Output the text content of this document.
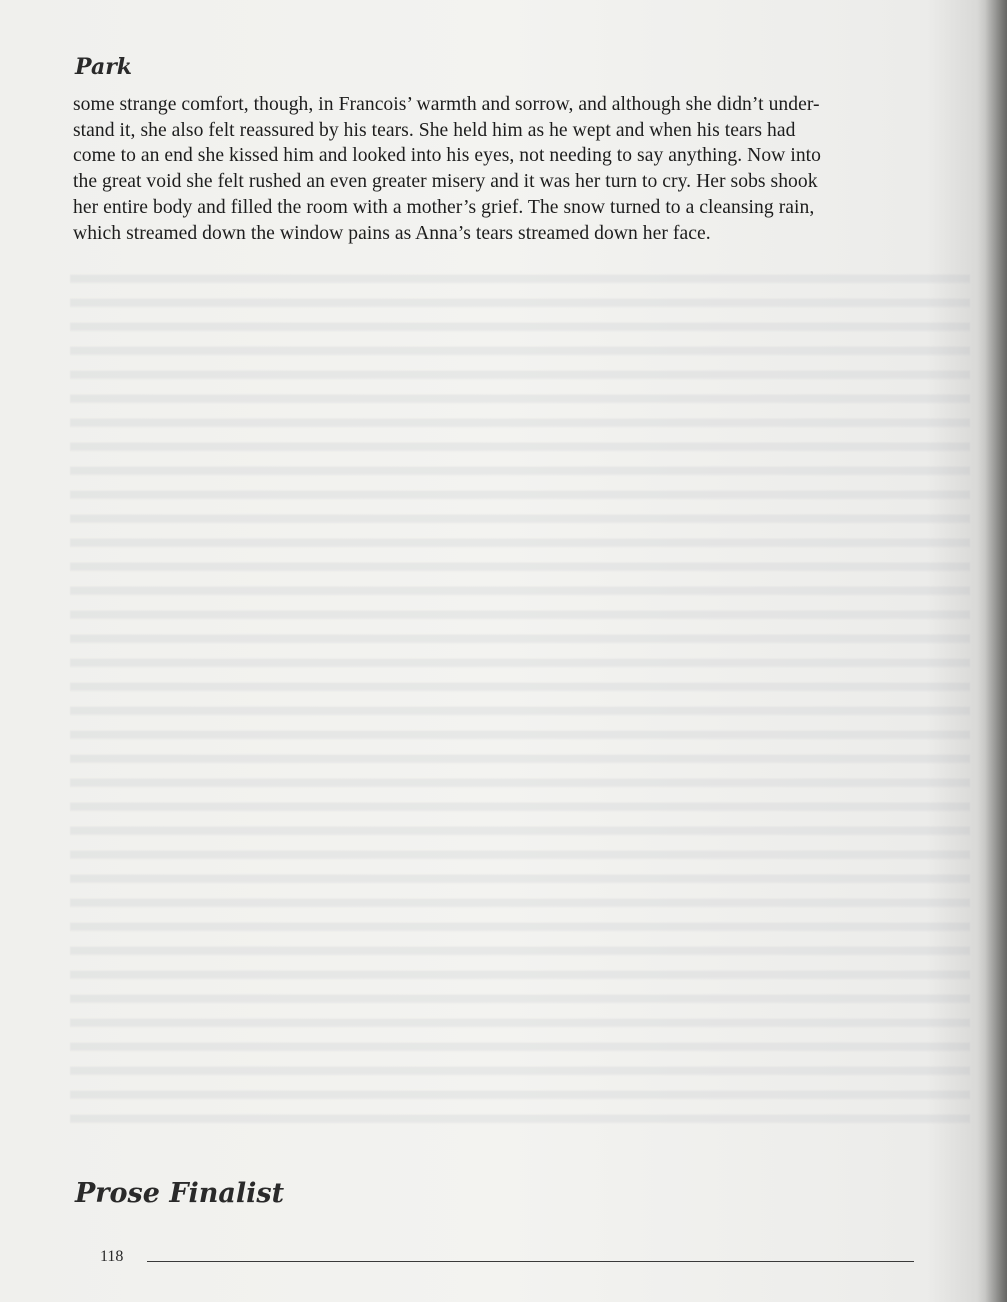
Park
some strange comfort, though, in Francois’ warmth and sorrow, and although she didn’t under-
stand it, she also felt reassured by his tears. She held him as he wept and when his tears had
come to an end she kissed him and looked into his eyes, not needing to say anything. Now into
the great void she felt rushed an even greater misery and it was her turn to cry. Her sobs shook
her entire body and filled the room with a mother’s grief. The snow turned to a cleansing rain,
which streamed down the window pains as Anna’s tears streamed down her face.
Prose Finalist
118
